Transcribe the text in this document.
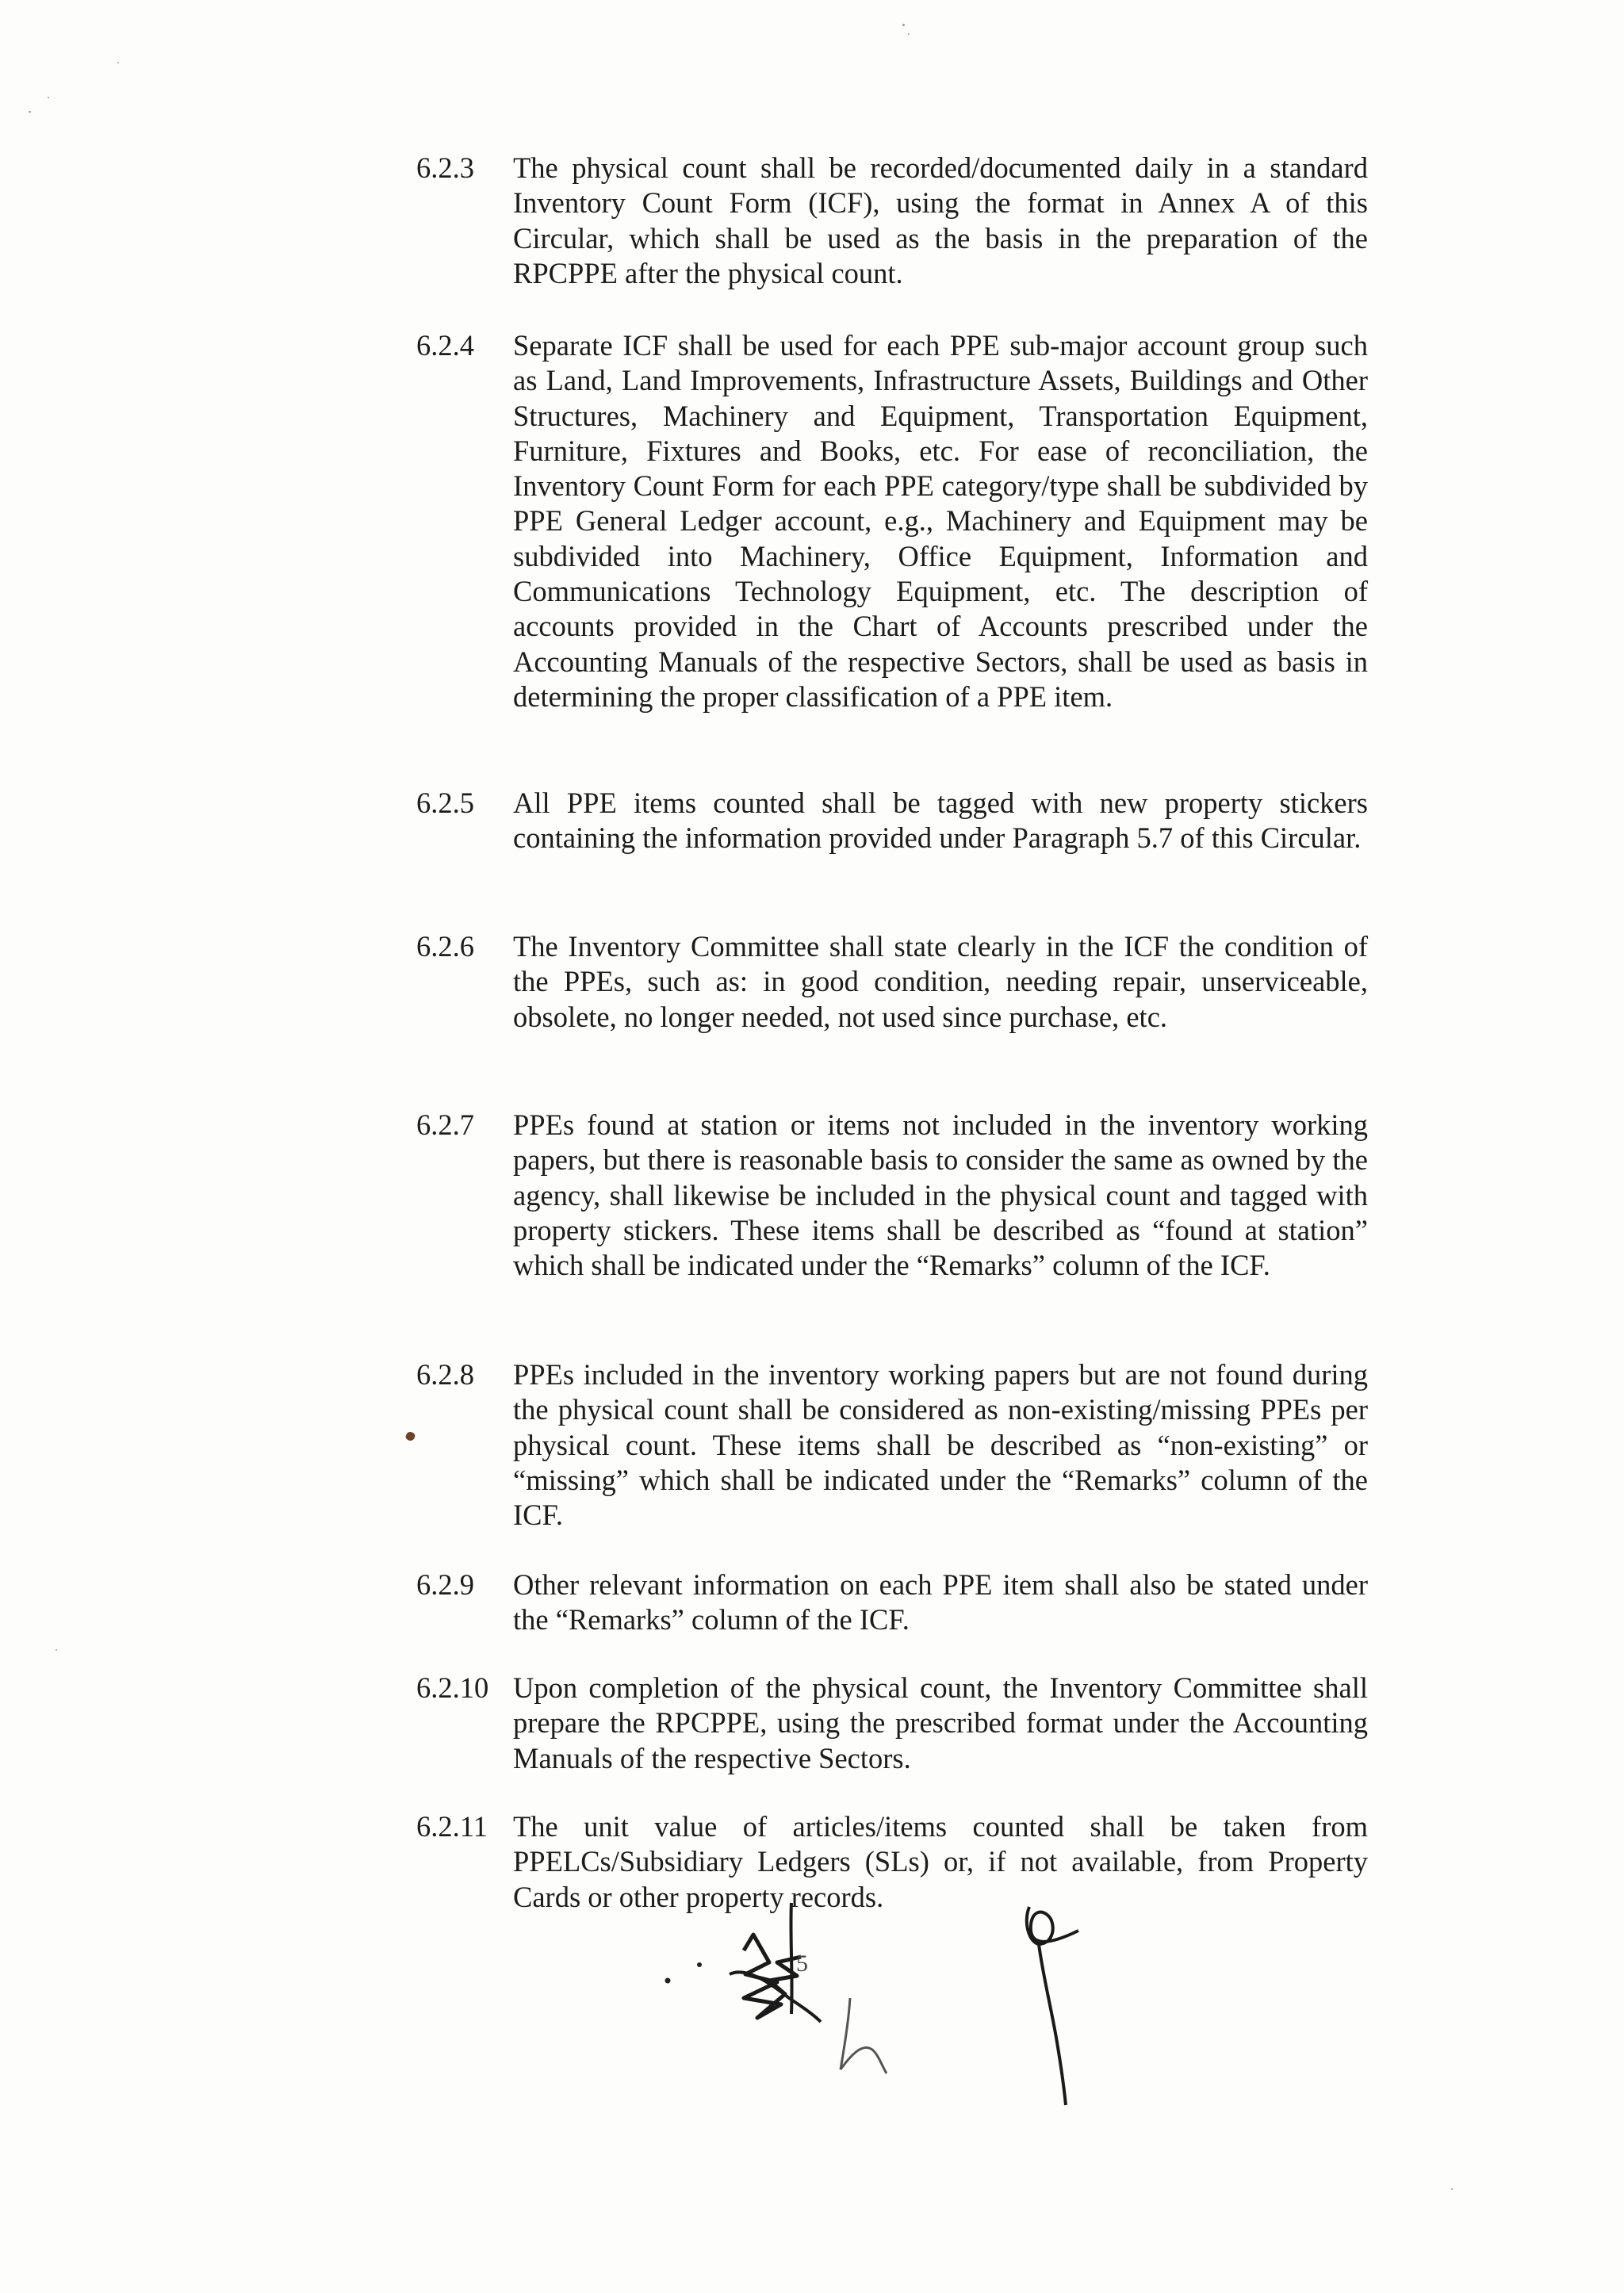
6.2.3	The physical count shall be recorded/documented daily in a standard Inventory Count Form (ICF), using the format in Annex A of this Circular, which shall be used as the basis in the preparation of the RPCPPE after the physical count.
6.2.4	Separate ICF shall be used for each PPE sub-major account group such as Land, Land Improvements, Infrastructure Assets, Buildings and Other Structures, Machinery and Equipment, Transportation Equipment, Furniture, Fixtures and Books, etc. For ease of reconciliation, the Inventory Count Form for each PPE category/type shall be subdivided by PPE General Ledger account, e.g., Machinery and Equipment may be subdivided into Machinery, Office Equipment, Information and Communications Technology Equipment, etc. The description of accounts provided in the Chart of Accounts prescribed under the Accounting Manuals of the respective Sectors, shall be used as basis in determining the proper classification of a PPE item.
6.2.5	All PPE items counted shall be tagged with new property stickers containing the information provided under Paragraph 5.7 of this Circular.
6.2.6	The Inventory Committee shall state clearly in the ICF the condition of the PPEs, such as: in good condition, needing repair, unserviceable, obsolete, no longer needed, not used since purchase, etc.
6.2.7	PPEs found at station or items not included in the inventory working papers, but there is reasonable basis to consider the same as owned by the agency, shall likewise be included in the physical count and tagged with property stickers. These items shall be described as “found at station” which shall be indicated under the “Remarks” column of the ICF.
6.2.8	PPEs included in the inventory working papers but are not found during the physical count shall be considered as non-existing/missing PPEs per physical count. These items shall be described as “non-existing” or “missing” which shall be indicated under the “Remarks” column of the ICF.
6.2.9	Other relevant information on each PPE item shall also be stated under the “Remarks” column of the ICF.
6.2.10 Upon completion of the physical count, the Inventory Committee shall prepare the RPCPPE, using the prescribed format under the Accounting Manuals of the respective Sectors.
6.2.11 The unit value of articles/items counted shall be taken from PPELCs/Subsidiary Ledgers (SLs) or, if not available, from Property Cards or other property records.
5
